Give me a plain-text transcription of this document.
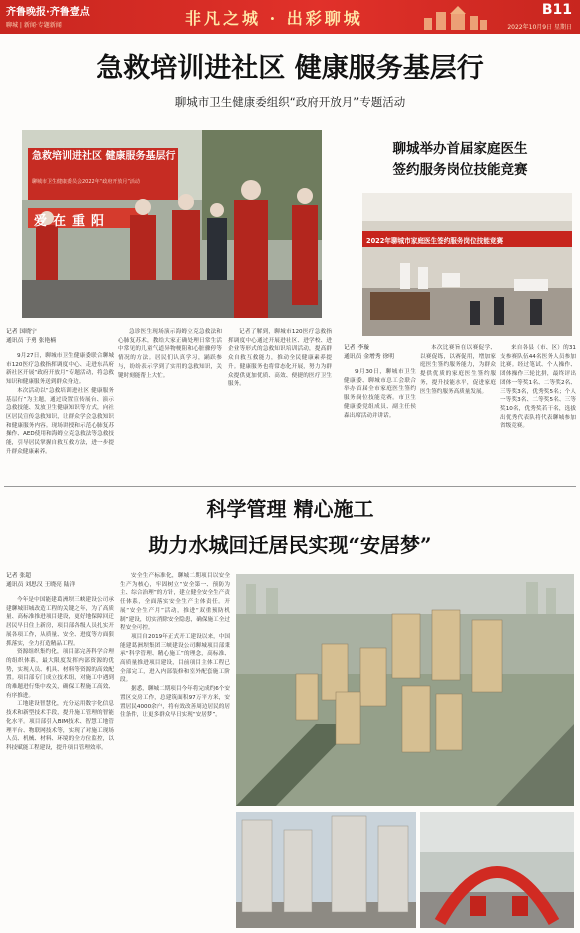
齐鲁晚报·齐鲁壹点
聊城 | 新闻·专题新闻	非凡之城 · 出彩聊城	B11
2022年10月9日 星期日
急救培训进社区 健康服务基层行
聊城市卫生健康委组织“政府开放月”专题活动
急救培训进社区 健康服务基层行
聊城市卫生健康委员会2022年“政府开放月”活动
爱在重阳
记者 国晓宁
通讯员 于勇 张艳楠

9月27日，聊城市卫生健康委联合聊城市120医疗急救指挥调度中心、走进东昌府新社区开展“政府开放月”专题活动，将急救知识和健康服务送到群众身边。

本次活动以“急救培训进社区 健康服务基层行”为主题，通过设置宣传展台、演示急救技能、发放卫生健康知识等方式，向社区居民宣传急救知识，让群众学会急救知识和健康服务内容。现场讲授和示范心肺复苏操作、AED使用和海姆立克急救法等急救技能，引导居民掌握自救互救方法，进一步提升群众健康素养。

急诊医生现场演示海姆立克急救法和心肺复苏术，教给大家正确处理日常生活中常见的儿童气道异物梗阻和心脏骤停等情况的方法。居民们认真学习，踊跃参与，纷纷表示学到了实用的急救知识，关键时刻能帮上大忙。

记者了解到，聊城市120医疗急救指挥调度中心通过开展进社区、进学校、进企业等形式的急救知识培训活动，提高群众自救互救能力，推动全民健康素养提升。健康服务也将常态化开展，努力为群众提供更加优质、高效、便捷的医疗卫生服务。

聊城举办首届家庭医生
签约服务岗位技能竞赛
2022年聊城市家庭医生签约服务岗位技能竞赛
记者 李璇
通讯员 金增秀 徐明

9月30日，聊城市卫生健康委、聊城市总工会联合举办首届全市家庭医生签约服务岗位技能竞赛。市卫生健康委党组成员、副主任侯森出席活动并讲话。

本次比赛旨在以赛促学、以赛促练，以赛促用，增加家庭医生签约服务能力，为群众提供优质的家庭医生签约服务，提升技能水平，促进家庭医生签约服务高质量发展。

来自各县（市、区）的31支参赛队伍44名医务人员参加比赛。经过笔试、个人操作、团体操作三轮比拼，最终评出团体一等奖1名、二等奖2名、三等奖3名，优秀奖5名；个人一等奖3名、二等奖5名、三等奖10名，优秀奖若干名，选拔出优秀代表队将代表聊城参加省级竞赛。

科学管理 精心施工
助力水城回迁居民实现“安居梦”
记者 张超
通讯员 刘思汉 王晓亮 陆洋

今年是中国能建葛洲坝三峡建设公司承建聊城旧城改造工程的关键之年，为了高质量、高标准推进项目建设，更好地保障回迁居民早日住上新房，项目部各级人员扎实开展各项工作，从质量、安全、进度等方面狠抓落实，全力打造精品工程。

资源组织集约化，项目部完善科学合理的组织体系，最大限度发挥内部资源的优势，实现人员、机具、材料等资源的高效配置。项目部专门成立技术组，对施工中遇到的难题进行集中攻关，确保工程施工高效、有序推进。

工地建设智慧化，充分运用数字化信息技术和新型技术手段，提升施工管理的智能化水平。项目部引入BIM技术、智慧工地管理平台、物联网技术等，实现了对施工现场人员、机械、材料、环境的全方位监控，以科技赋能工程建设，提升项目管理效率。

安全生产标准化，聊城二期项目以安全生产为核心，牢固树立“安全第一、预防为主、综合治理”的方针，建立健全安全生产责任体系，全面落实安全生产主体责任。开展“安全生产月”活动，推进“双重预防机制”建设，切实消除安全隐患，确保施工全过程安全可控。

项目自2019年正式开工建设以来，中国能建葛洲坝集团三峡建设公司聊城项目部秉承“科学管理、精心施工”的理念，高标准、高质量推进项目建设，目前项目主体工程已全部完工，进入内部装修和室外配套施工阶段。

据悉，聊城二期项目今年将完成约6个安置区交房工作，总建筑面积97万平方米，安置居民4000余户，将有效改善周边居民的居住条件，让更多群众早日实现“安居梦”。
